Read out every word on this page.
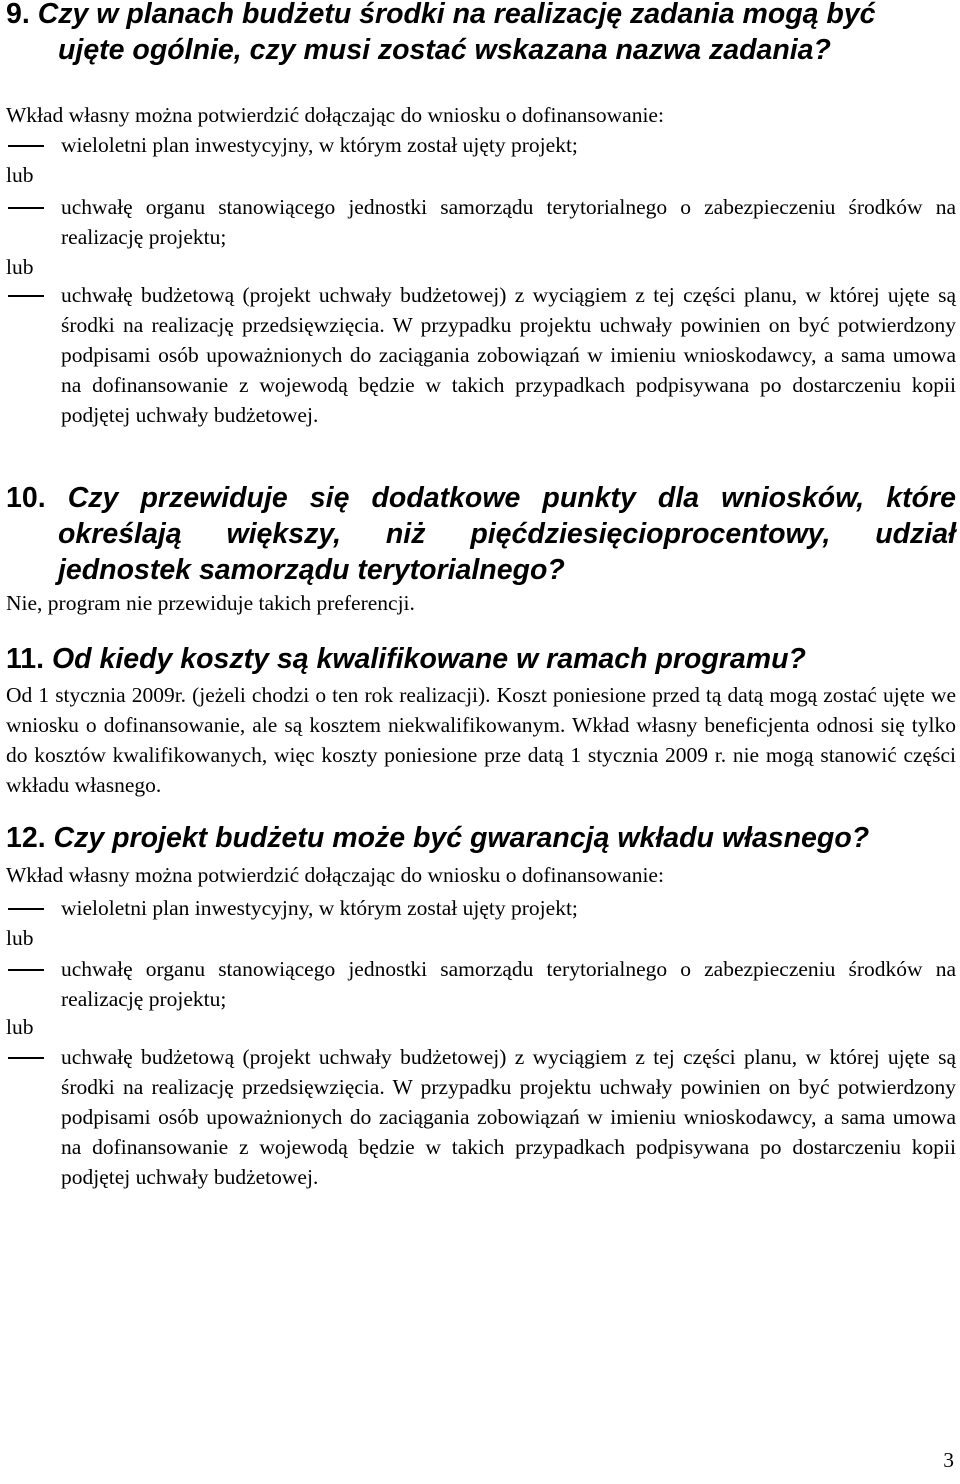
9. Czy w planach budżetu środki na realizację zadania mogą być
ujęte ogólnie, czy musi zostać wskazana nazwa zadania?

Wkład własny można potwierdzić dołączając do wniosku o dofinansowanie:

wieloletni plan inwestycyjny, w którym został ujęty projekt;

lub

uchwałę organu stanowiącego jednostki samorządu terytorialnego o zabezpieczeniu środków na realizację projektu;

lub

uchwałę budżetową (projekt uchwały budżetowej) z wyciągiem z tej części planu, w której ujęte są środki na realizację przedsięwzięcia. W przypadku projektu uchwały powinien on być potwierdzony podpisami osób upoważnionych do zaciągania zobowiązań w imieniu wnioskodawcy, a sama umowa na dofinansowanie z wojewodą będzie w takich przypadkach podpisywana po dostarczeniu kopii podjętej uchwały budżetowej.
10. Czy przewiduje się dodatkowe punkty dla wniosków, które
określają większy, niż pięćdziesięcioprocentowy, udział
jednostek samorządu terytorialnego?

Nie, program nie przewiduje takich preferencji.

11. Od kiedy koszty są kwalifikowane w ramach programu?

Od 1 stycznia 2009r. (jeżeli chodzi o ten rok realizacji). Koszt poniesione przed tą datą mogą zostać ujęte we wniosku o dofinansowanie, ale są kosztem niekwalifikowanym. Wkład własny beneficjenta odnosi się tylko do kosztów kwalifikowanych, więc koszty poniesione prze datą 1 stycznia 2009 r. nie mogą stanowić części wkładu własnego.

12. Czy projekt budżetu może być gwarancją wkładu własnego?

Wkład własny można potwierdzić dołączając do wniosku o dofinansowanie:

wieloletni plan inwestycyjny, w którym został ujęty projekt;

lub

uchwałę organu stanowiącego jednostki samorządu terytorialnego o zabezpieczeniu środków na realizację projektu;

lub

uchwałę budżetową (projekt uchwały budżetowej) z wyciągiem z tej części planu, w której ujęte są środki na realizację przedsięwzięcia. W przypadku projektu uchwały powinien on być potwierdzony podpisami osób upoważnionych do zaciągania zobowiązań w imieniu wnioskodawcy, a sama umowa na dofinansowanie z wojewodą będzie w takich przypadkach podpisywana po dostarczeniu kopii podjętej uchwały budżetowej.
3
